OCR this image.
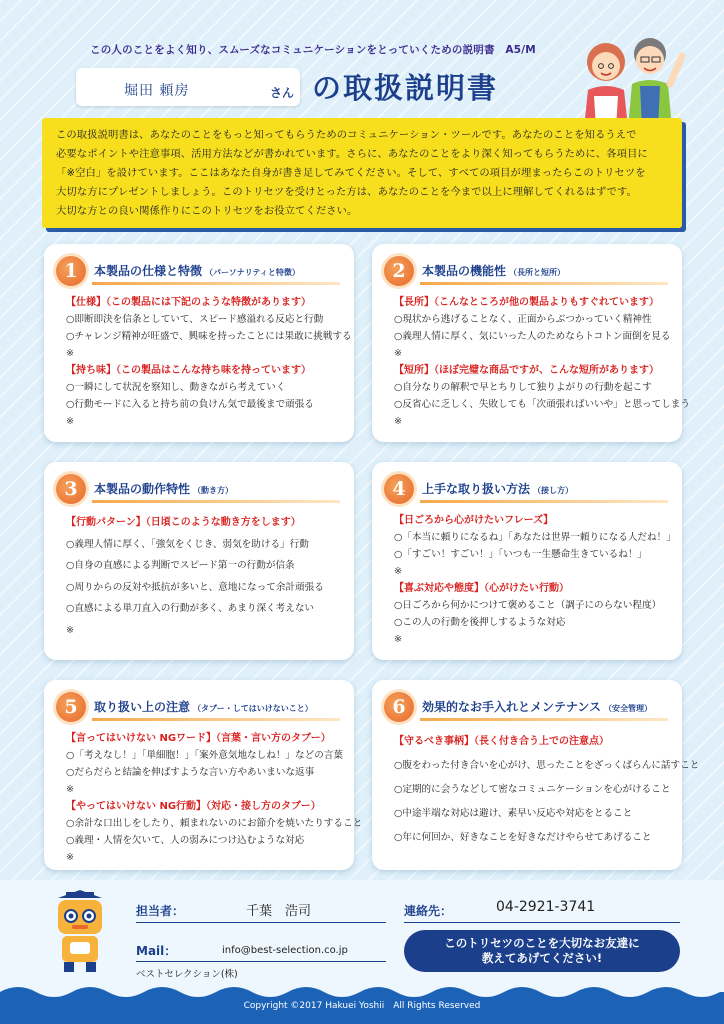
この人のことをよく知り、スムーズなコミュニケーションをとっていくための説明書　A5/M
堀田 頼房	さん の取扱説明書

この取扱説明書は、あなたのことをもっと知ってもらうためのコミュニケーション・ツールです。あなたのことを知るうえで

必要なポイントや注意事項、活用方法などが書かれています。さらに、あなたのことをより深く知ってもらうために、各項目に

「※空白」を設けています。ここはあなた自身が書き足してみてください。そして、すべての項目が埋まったらこのトリセツを

大切な方にプレゼントしましょう。このトリセツを受けとった方は、あなたのことを今まで以上に理解してくれるはずです。

大切な方との良い関係作りにこのトリセツをお役立てください。

1	本製品の仕様と特徴 （パーソナリティと特徴）
【仕様】（この製品には下記のような特徴があります）
○即断即決を信条としていて、スピード感溢れる反応と行動
○チャレンジ精神が旺盛で、興味を持ったことには果敢に挑戦する
※
【持ち味】（この製品はこんな持ち味を持っています）
○一瞬にして状況を察知し、動きながら考えていく
○行動モードに入ると持ち前の負けん気で最後まで頑張る
※
2	本製品の機能性 （長所と短所）
【長所】（こんなところが他の製品よりもすぐれています）
○現状から逃げることなく、正面からぶつかっていく精神性
○義理人情に厚く、気にいった人のためならトコトン面倒を見る
※
【短所】（ほぼ完璧な商品ですが、こんな短所があります）
○自分なりの解釈で早とちりして独りよがりの行動を起こす
○反省心に乏しく、失敗しても「次頑張ればいいや」と思ってしまう
※
3	本製品の動作特性 （動き方）
【行動パターン】（日頃このような動き方をします）
○義理人情に厚く、「強気をくじき、弱気を助ける」行動
○自身の直感による判断でスピード第一の行動が信条
○周りからの反対や抵抗が多いと、意地になって余計頑張る
○直感による単刀直入の行動が多く、あまり深く考えない
※
4	上手な取り扱い方法 （接し方）
【日ごろから心がけたいフレーズ】
○「本当に頼りになるね」「あなたは世界一頼りになる人だね！」
○「すごい！すごい！」「いつも一生懸命生きているね！」
※
【喜ぶ対応や態度】（心がけたい行動）
○日ごろから何かにつけて褒めること（調子にのらない程度）
○この人の行動を後押しするような対応
※
5	取り扱い上の注意 （タブー・してはいけないこと）
【言ってはいけない NGワード】（言葉・言い方のタブー）
○「考えなし！」「単細胞！」「案外意気地なしね！」などの言葉
○だらだらと結論を伸ばすような言い方やあいまいな返事
※
【やってはいけない NG行動】（対応・接し方のタブー）
○余計な口出しをしたり、頼まれないのにお節介を焼いたりすること
○義理・人情を欠いて、人の弱みにつけ込むような対応
※
6	効果的なお手入れとメンテナンス （安全管理）
【守るべき事柄】（長く付き合う上での注意点）
○腹をわった付き合いを心がけ、思ったことをざっくばらんに話すこと
○定期的に会うなどして密なコミュニケーションを心がけること
○中途半端な対応は避け、素早い反応や対応をとること
○年に何回か、好きなことを好きなだけやらせてあげること
担当者：	千葉　浩司	連絡先：	04-2921-3741
Mail：	info@best-selection.co.jp
ベストセレクション(株)
このトリセツのことを大切なお友達に
教えてあげてください!
Copyright ©2017 Hakuei Yoshii　All Rights Reserved
